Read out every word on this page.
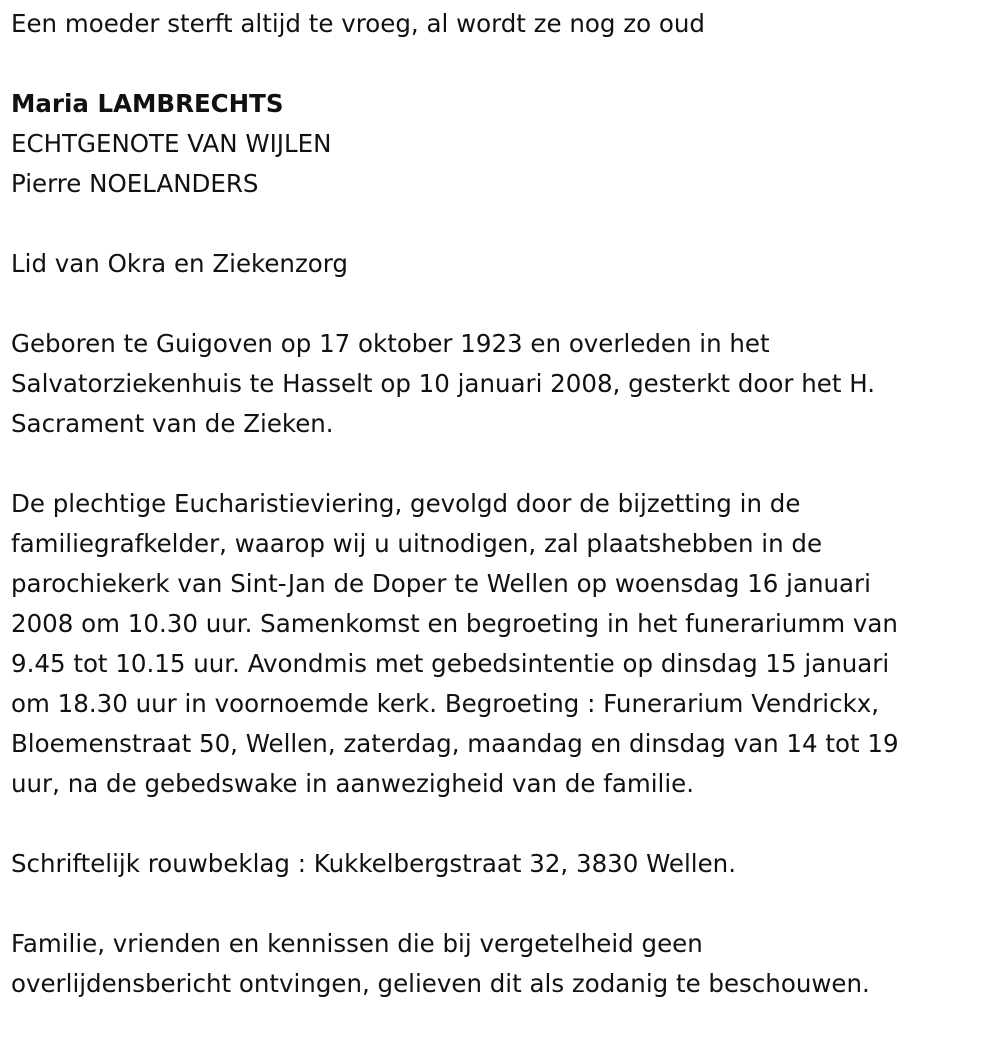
Een moeder sterft altijd te vroeg, al wordt ze nog zo oud

Maria LAMBRECHTS
ECHTGENOTE VAN WIJLEN
Pierre NOELANDERS

Lid van Okra en Ziekenzorg

Geboren te Guigoven op 17 oktober 1923 en overleden in het
Salvatorziekenhuis te Hasselt op 10 januari 2008, gesterkt door het H.
Sacrament van de Zieken.

De plechtige Eucharistieviering, gevolgd door de bijzetting in de
familiegrafkelder, waarop wij u uitnodigen, zal plaatshebben in de
parochiekerk van Sint-Jan de Doper te Wellen op woensdag 16 januari
2008 om 10.30 uur. Samenkomst en begroeting in het funerariumm van
9.45 tot 10.15 uur. Avondmis met gebedsintentie op dinsdag 15 januari
om 18.30 uur in voornoemde kerk. Begroeting : Funerarium Vendrickx,
Bloemenstraat 50, Wellen, zaterdag, maandag en dinsdag van 14 tot 19
uur, na de gebedswake in aanwezigheid van de familie.

Schriftelijk rouwbeklag : Kukkelbergstraat 32, 3830 Wellen.

Familie, vrienden en kennissen die bij vergetelheid geen
overlijdensbericht ontvingen, gelieven dit als zodanig te beschouwen.
